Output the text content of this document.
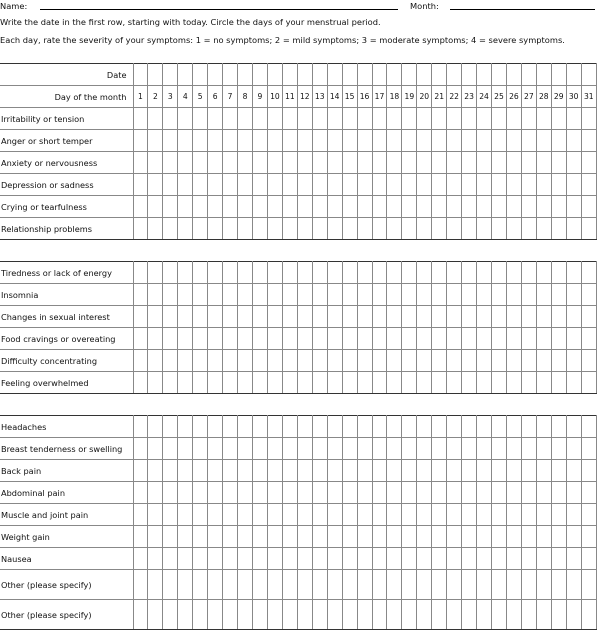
Name:	Month:
Write the date in the first row, starting with today. Circle the days of your menstrual period.
Each day, rate the severity of your symptoms: 1 = no symptoms; 2 = mild symptoms; 3 = moderate symptoms; 4 = severe symptoms.
Date																															
Day of the month	1	2	3	4	5	6	7	8	9	10	11	12	13	14	15	16	17	18	19	20	21	22	23	24	25	26	27	28	29	30	31
Irritability or tension																															
Anger or short temper																															
Anxiety or nervousness																															
Depression or sadness																															
Crying or tearfulness																															
Relationship problems																															
Tiredness or lack of energy																															
Insomnia																															
Changes in sexual interest																															
Food cravings or overeating																															
Difficulty concentrating																															
Feeling overwhelmed																															
Headaches																															
Breast tenderness or swelling																															
Back pain																															
Abdominal pain																															
Muscle and joint pain																															
Weight gain																															
Nausea																															
Other (please specify)																															
Other (please specify)																															
